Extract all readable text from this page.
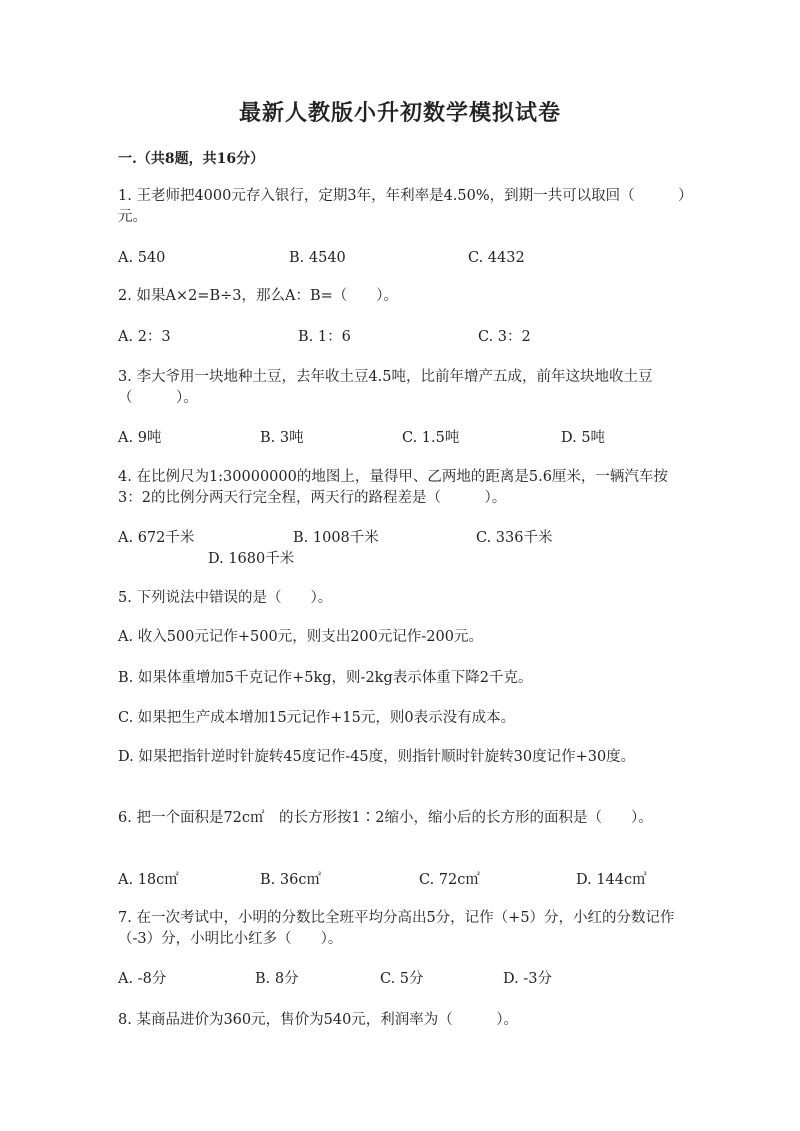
最新人教版小升初数学模拟试卷
一.（共8题，共16分）
1. 王老师把4000元存入银行，定期3年，年利率是4.50%，到期一共可以取回（　　　）元。
A. 540	B. 4540	C. 4432
2. 如果A×2=B÷3，那么A：B=（　　）。
A. 2：3	B. 1：6	C. 3：2
3. 李大爷用一块地种土豆，去年收土豆4.5吨，比前年增产五成，前年这块地收土豆（　　　）。
A. 9吨	B. 3吨	C. 1.5吨	D. 5吨
4. 在比例尺为1:30000000的地图上，量得甲、乙两地的距离是5.6厘米，一辆汽车按3：2的比例分两天行完全程，两天行的路程差是（　　　）。
A. 672千米	B. 1008千米	C. 336千米
D. 1680千米
5. 下列说法中错误的是（　　）。
A. 收入500元记作+500元，则支出200元记作-200元。
B. 如果体重增加5千克记作+5kg，则-2kg表示体重下降2千克。
C. 如果把生产成本增加15元记作+15元，则0表示没有成本。
D. 如果把指针逆时针旋转45度记作-45度，则指针顺时针旋转30度记作+30度。
6. 把一个面积是72c㎡　的长方形按1∶2缩小，缩小后的长方形的面积是（　　）。
A. 18c㎡	B. 36c㎡	C. 72c㎡	D. 144c㎡
7. 在一次考试中，小明的分数比全班平均分高出5分，记作（+5）分，小红的分数记作（-3）分，小明比小红多（　　）。
A. -8分	B. 8分	C. 5分	D. -3分
8. 某商品进价为360元，售价为540元，利润率为（　　　）。
